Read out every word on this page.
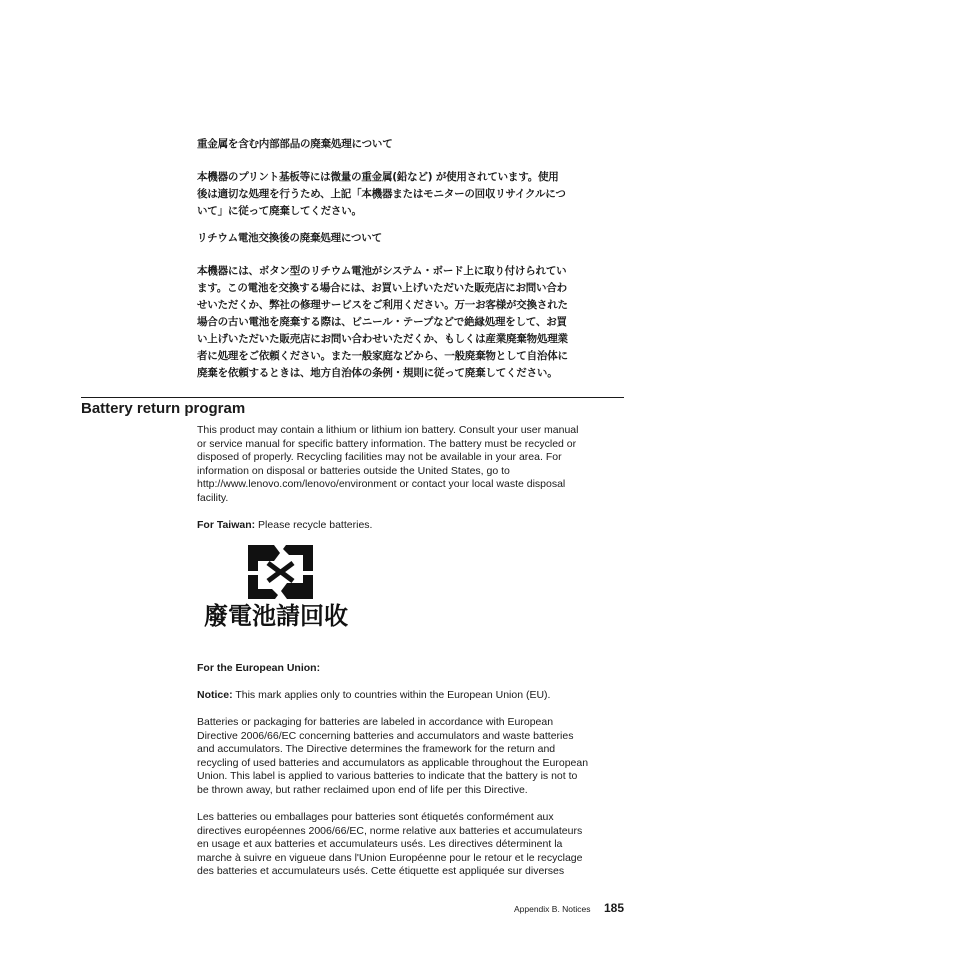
重金属を含む内部部品の廃棄処理について
本機器のプリント基板等には微量の重金属(鉛など) が使用されています。使用
後は適切な処理を行うため、上記「本機器またはモニターの回収リサイクルにつ
いて」に従って廃棄してください。
リチウム電池交換後の廃棄処理について
本機器には、ボタン型のリチウム電池がシステム・ボード上に取り付けられてい
ます。この電池を交換する場合には、お買い上げいただいた販売店にお問い合わ
せいただくか、弊社の修理サービスをご利用ください。万一お客様が交換された
場合の古い電池を廃棄する際は、ビニール・テープなどで絶縁処理をして、お買
い上げいただいた販売店にお問い合わせいただくか、もしくは産業廃棄物処理業
者に処理をご依頼ください。また一般家庭などから、一般廃棄物として自治体に
廃棄を依頼するときは、地方自治体の条例・規則に従って廃棄してください。
Battery return program
This product may contain a lithium or lithium ion battery. Consult your user manual
or service manual for specific battery information. The battery must be recycled or
disposed of properly. Recycling facilities may not be available in your area. For
information on disposal or batteries outside the United States, go to
http://www.lenovo.com/lenovo/environment or contact your local waste disposal
facility.
For Taiwan: Please recycle batteries.
廢電池請回收
For the European Union:
Notice: This mark applies only to countries within the European Union (EU).
Batteries or packaging for batteries are labeled in accordance with European
Directive 2006/66/EC concerning batteries and accumulators and waste batteries
and accumulators. The Directive determines the framework for the return and
recycling of used batteries and accumulators as applicable throughout the European
Union. This label is applied to various batteries to indicate that the battery is not to
be thrown away, but rather reclaimed upon end of life per this Directive.
Les batteries ou emballages pour batteries sont étiquetés conformément aux
directives européennes 2006/66/EC, norme relative aux batteries et accumulateurs
en usage et aux batteries et accumulateurs usés. Les directives déterminent la
marche à suivre en vigueue dans l'Union Européenne pour le retour et le recyclage
des batteries et accumulateurs usés. Cette étiquette est appliquée sur diverses
Appendix B. Notices 185
